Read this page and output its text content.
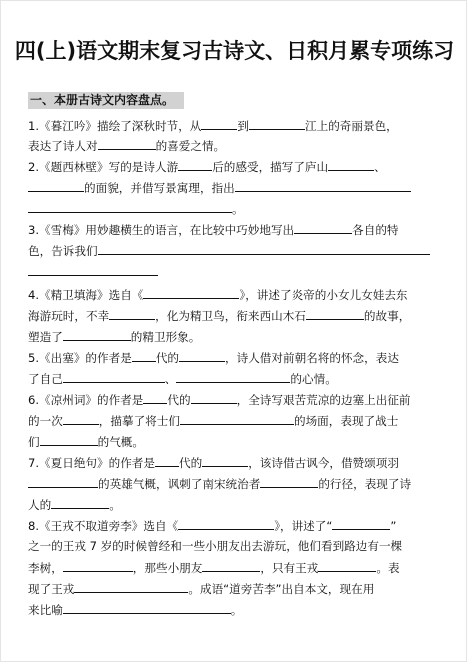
四(上)语文期末复习古诗文、日积月累专项练习
一、本册古诗文内容盘点。
1.《暮江吟》描绘了深秋时节，从	到	江上的奇丽景色，
表达了诗人对	的喜爱之情。
2.《题西林壁》写的是诗人游	后的感受，描写了庐山	、
的面貌，并借写景寓理，指出
。
3.《雪梅》用妙趣横生的语言，在比较中巧妙地写出	各自的特
色，告诉我们
4.《精卫填海》选自《	》，讲述了炎帝的小女儿女娃去东
海游玩时，不幸	，化为精卫鸟，衔来西山木石	的故事，
塑造了	的精卫形象。
5.《出塞》的作者是 代的	，诗人借对前朝名将的怀念，表达
了自己	、	的心情。
6.《凉州词》的作者是 代的	，全诗写艰苦荒凉的边塞上出征前
的一次	，描摹了将士们	的场面，表现了战士
们	的气概。
7.《夏日绝句》的作者是 代的	，该诗借古讽今，借赞颂项羽
的英雄气概，讽刺了南宋统治者	的行径，表现了诗
人的	。
8.《王戎不取道旁李》选自《	》，讲述了“	”
之一的王戎 7 岁的时候曾经和一些小朋友出去游玩，他们看到路边有一棵
李树，	，那些小朋友	，只有王戎	。表
现了王戎	。成语“道旁苦李”出自本文，现在用
来比喻	。
